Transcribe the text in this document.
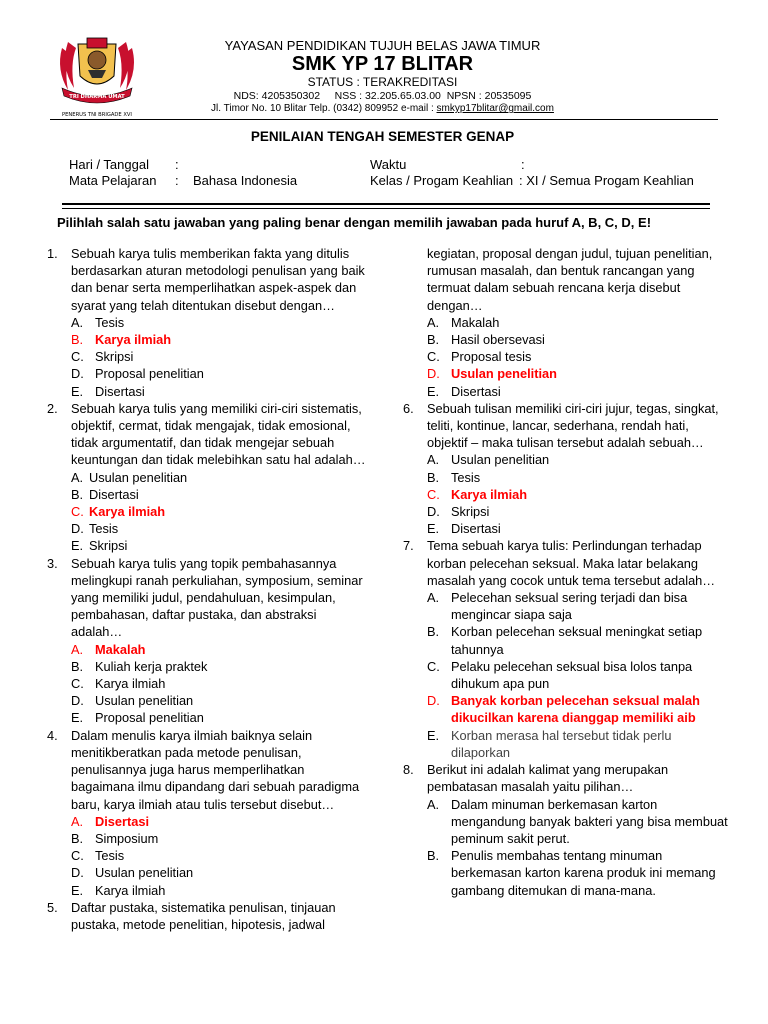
TRI DHARMA UMAT
PENERUS TNI BRIGADE XVI
YAYASAN PENDIDIKAN TUJUH BELAS JAWA TIMUR
SMK YP 17 BLITAR
STATUS : TERAKREDITASI
NDS: 4205350302     NSS : 32.205.65.03.00  NPSN : 20535095
Jl. Timor No. 10 Blitar Telp. (0342) 809952 e-mail : smkyp17blitar@gmail.com
PENILAIAN TENGAH SEMESTER GENAP
Hari / Tanggal :
Mata Pelajaran : Bahasa Indonesia
Waktu	:
Kelas / Progam Keahlian : XI / Semua Progam Keahlian
Pilihlah salah satu jawaban yang paling benar dengan memilih jawaban pada huruf A, B, C, D, E!
1. Sebuah karya tulis memberikan fakta yang ditulis berdasarkan aturan metodologi penulisan yang baik dan benar serta memperlihatkan aspek-aspek dan syarat yang telah ditentukan disebut dengan…
A. Tesis
B. Karya ilmiah
C. Skripsi
D. Proposal penelitian
E. Disertasi
2. Sebuah karya tulis yang memiliki ciri-ciri sistematis, objektif, cermat, tidak mengajak, tidak emosional, tidak argumentatif, dan tidak mengejar sebuah keuntungan dan tidak melebihkan satu hal adalah…
A. Usulan penelitian
B. Disertasi
C. Karya ilmiah
D. Tesis
E. Skripsi
3. Sebuah karya tulis yang topik pembahasannya melingkupi ranah perkuliahan, symposium, seminar yang memiliki judul, pendahuluan, kesimpulan, pembahasan, daftar pustaka, dan abstraksi adalah…
A. Makalah
B. Kuliah kerja praktek
C. Karya ilmiah
D. Usulan penelitian
E. Proposal penelitian
4. Dalam menulis karya ilmiah baiknya selain menitikberatkan pada metode penulisan, penulisannya juga harus memperlihatkan bagaimana ilmu dipandang dari sebuah paradigma baru, karya ilmiah atau tulis tersebut disebut…
A. Disertasi
B. Simposium
C. Tesis
D. Usulan penelitian
E. Karya ilmiah
5. Daftar pustaka, sistematika penulisan, tinjauan pustaka, metode penelitian, hipotesis, jadwal
kegiatan, proposal dengan judul, tujuan penelitian, rumusan masalah, dan bentuk rancangan yang termuat dalam sebuah rencana kerja disebut dengan…
A. Makalah
B. Hasil obersevasi
C. Proposal tesis
D. Usulan penelitian
E. Disertasi
6. Sebuah tulisan memiliki ciri-ciri jujur, tegas, singkat, teliti, kontinue, lancar, sederhana, rendah hati, objektif – maka tulisan tersebut adalah sebuah…
A. Usulan penelitian
B. Tesis
C. Karya ilmiah
D. Skripsi
E. Disertasi
7. Tema sebuah karya tulis: Perlindungan terhadap korban pelecehan seksual. Maka latar belakang masalah yang cocok untuk tema tersebut adalah…
A. Pelecehan seksual sering terjadi dan bisa mengincar siapa saja
B. Korban pelecehan seksual meningkat setiap tahunnya
C. Pelaku pelecehan seksual bisa lolos tanpa dihukum apa pun
D. Banyak korban pelecehan seksual malah dikucilkan karena dianggap memiliki aib
E. Korban merasa hal tersebut tidak perlu dilaporkan
8. Berikut ini adalah kalimat yang merupakan pembatasan masalah yaitu pilihan…
A. Dalam minuman berkemasan karton mengandung banyak bakteri yang bisa membuat peminum sakit perut.
B. Penulis membahas tentang minuman berkemasan karton karena produk ini memang gambang ditemukan di mana-mana.
